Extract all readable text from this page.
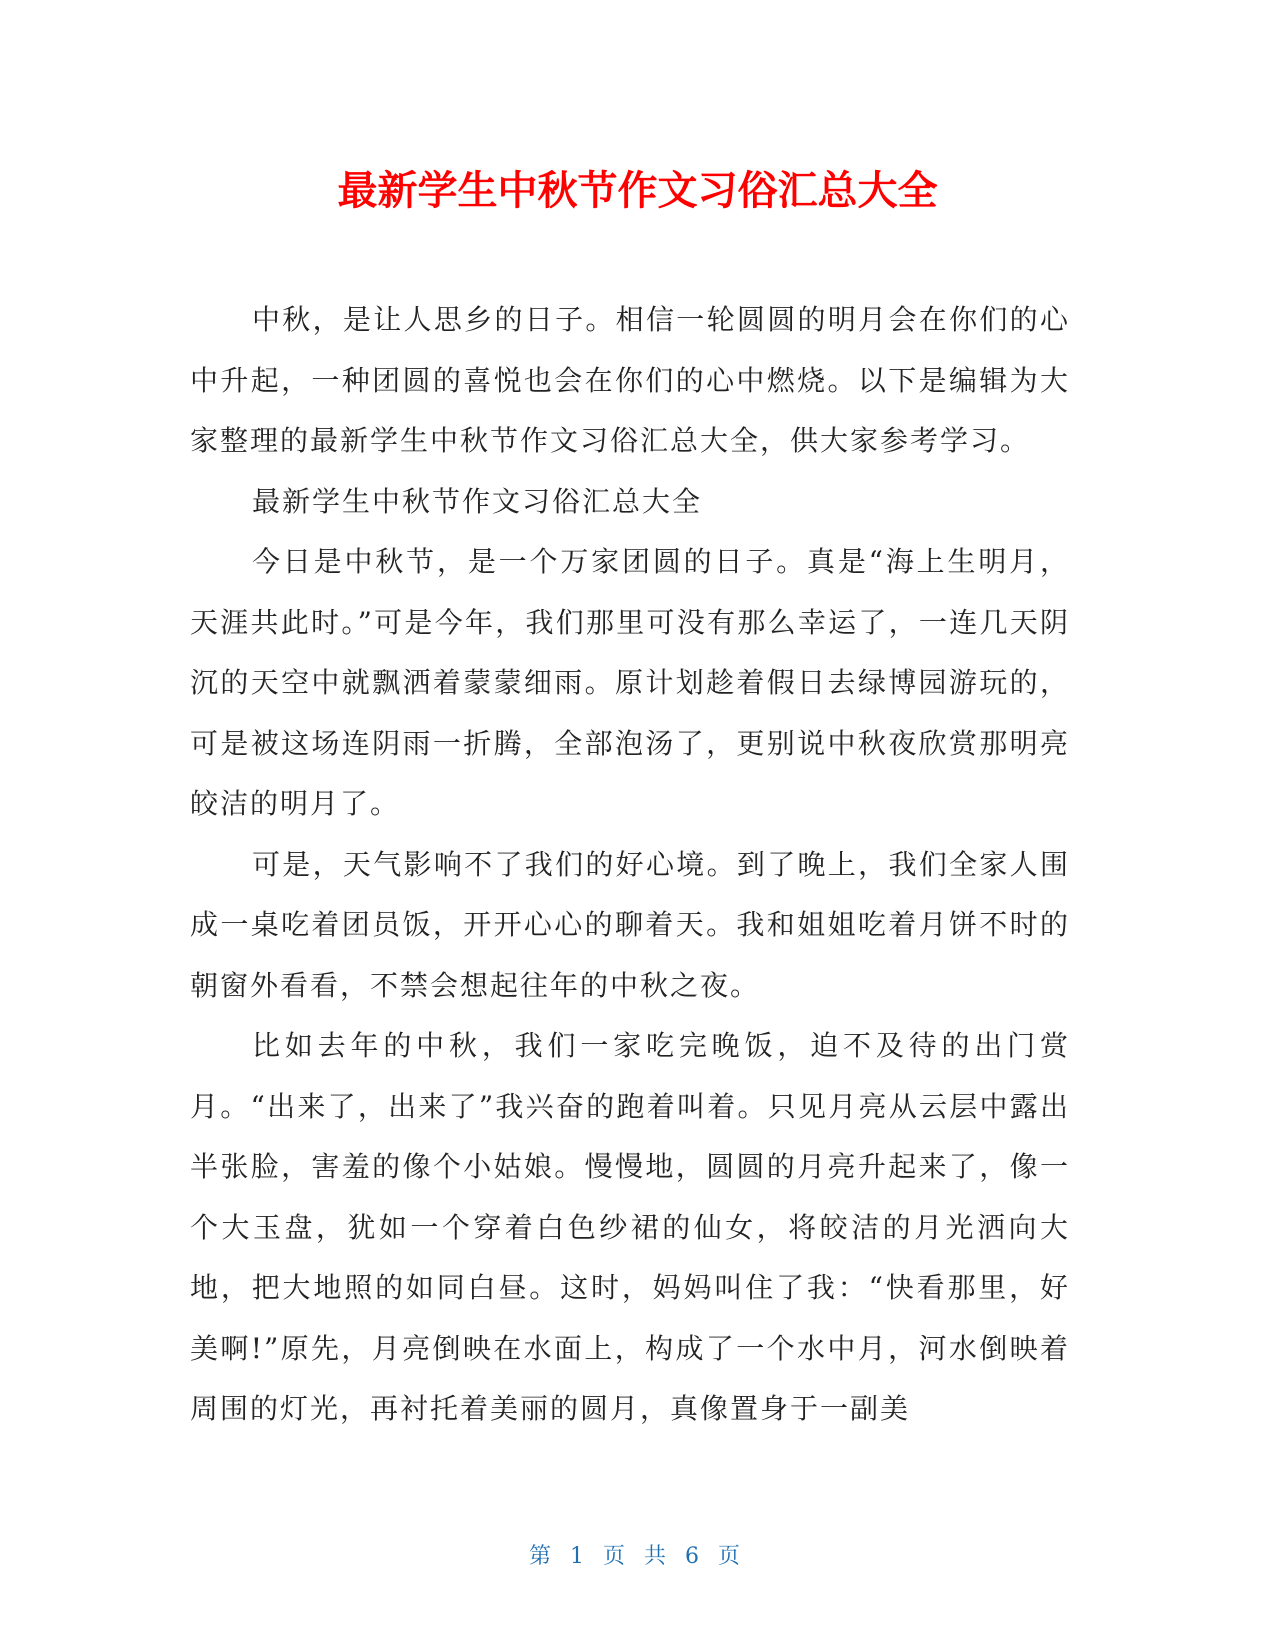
最新学生中秋节作文习俗汇总大全

中秋，是让人思乡的日子。相信一轮圆圆的明月会在你们的心中升起，一种团圆的喜悦也会在你们的心中燃烧。以下是编辑为大家整理的最新学生中秋节作文习俗汇总大全，供大家参考学习。

最新学生中秋节作文习俗汇总大全

今日是中秋节，是一个万家团圆的日子。真是“海上生明月，天涯共此时。”可是今年，我们那里可没有那么幸运了，一连几天阴沉的天空中就飘洒着蒙蒙细雨。原计划趁着假日去绿博园游玩的，可是被这场连阴雨一折腾，全部泡汤了，更别说中秋夜欣赏那明亮皎洁的明月了。

可是，天气影响不了我们的好心境。到了晚上，我们全家人围成一桌吃着团员饭，开开心心的聊着天。我和姐姐吃着月饼不时的朝窗外看看，不禁会想起往年的中秋之夜。

比如去年的中秋，我们一家吃完晚饭，迫不及待的出门赏月。“出来了，出来了”我兴奋的跑着叫着。只见月亮从云层中露出半张脸，害羞的像个小姑娘。慢慢地，圆圆的月亮升起来了，像一个大玉盘，犹如一个穿着白色纱裙的仙女，将皎洁的月光洒向大地，把大地照的如同白昼。这时，妈妈叫住了我：“快看那里，好美啊!”原先，月亮倒映在水面上，构成了一个水中月，河水倒映着周围的灯光，再衬托着美丽的圆月，真像置身于一副美

第 1 页 共 6 页
